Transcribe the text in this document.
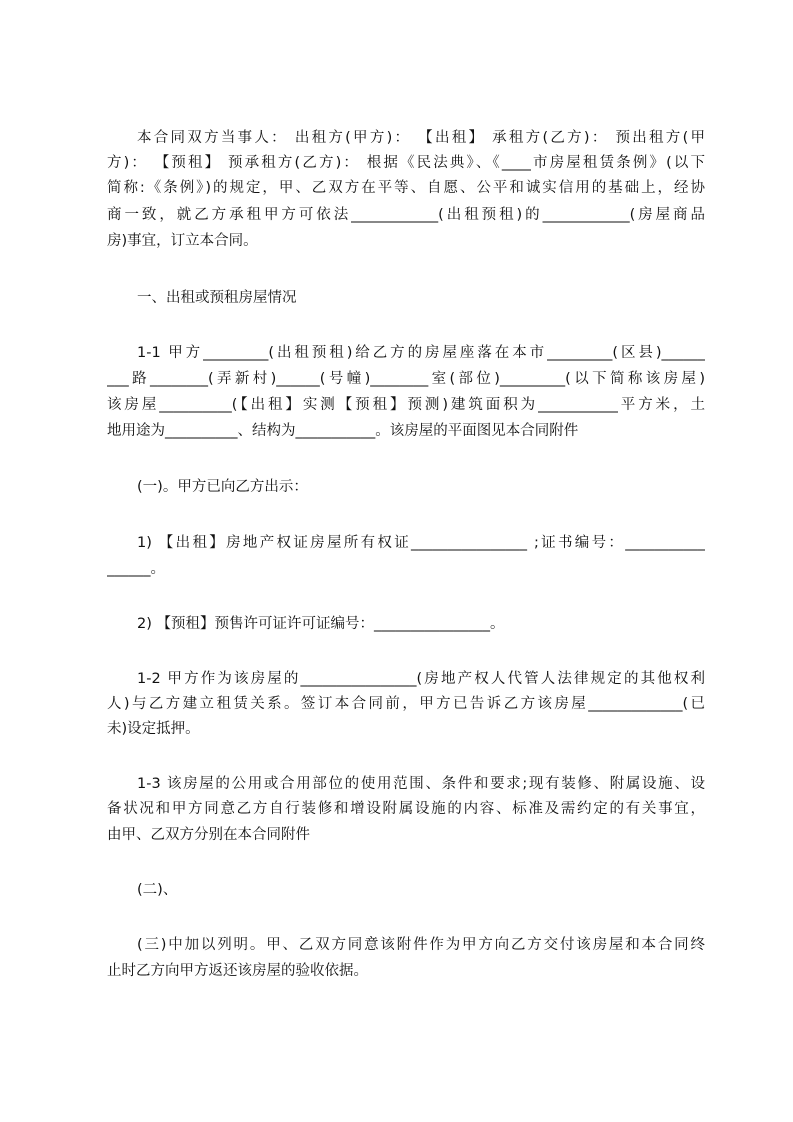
本合同双方当事人： 出租方(甲方)： 【出租】 承租方(乙方)： 预出租方(甲
方)： 【预租】 预承租方(乙方)： 根据《民法典》、《____市房屋租赁条例》(以下
简称:《条例》)的规定，甲、乙双方在平等、自愿、公平和诚实信用的基础上，经协
商一致，就乙方承租甲方可依法____________(出租预租)的____________(房屋商品
房)事宜，订立本合同。
一、出租或预租房屋情况
1-1 甲方_________(出租预租)给乙方的房屋座落在本市_________(区县)______
___路________(弄新村)______(号幢)________室(部位)_________(以下简称该房屋)
该房屋__________(【出租】实测【预租】预测)建筑面积为___________平方米，土
地用途为__________、结构为___________。该房屋的平面图见本合同附件
(一)。甲方已向乙方出示：
1) 【出租】房地产权证房屋所有权证________________ ;证书编号：___________
______。
2) 【预租】预售许可证许可证编号：________________。
1-2 甲方作为该房屋的________________(房地产权人代管人法律规定的其他权利
人)与乙方建立租赁关系。签订本合同前，甲方已告诉乙方该房屋_____________(已
未)设定抵押。
1-3 该房屋的公用或合用部位的使用范围、条件和要求;现有装修、附属设施、设
备状况和甲方同意乙方自行装修和增设附属设施的内容、标准及需约定的有关事宜，
由甲、乙双方分别在本合同附件
(二)、
(三)中加以列明。甲、乙双方同意该附件作为甲方向乙方交付该房屋和本合同终
止时乙方向甲方返还该房屋的验收依据。
